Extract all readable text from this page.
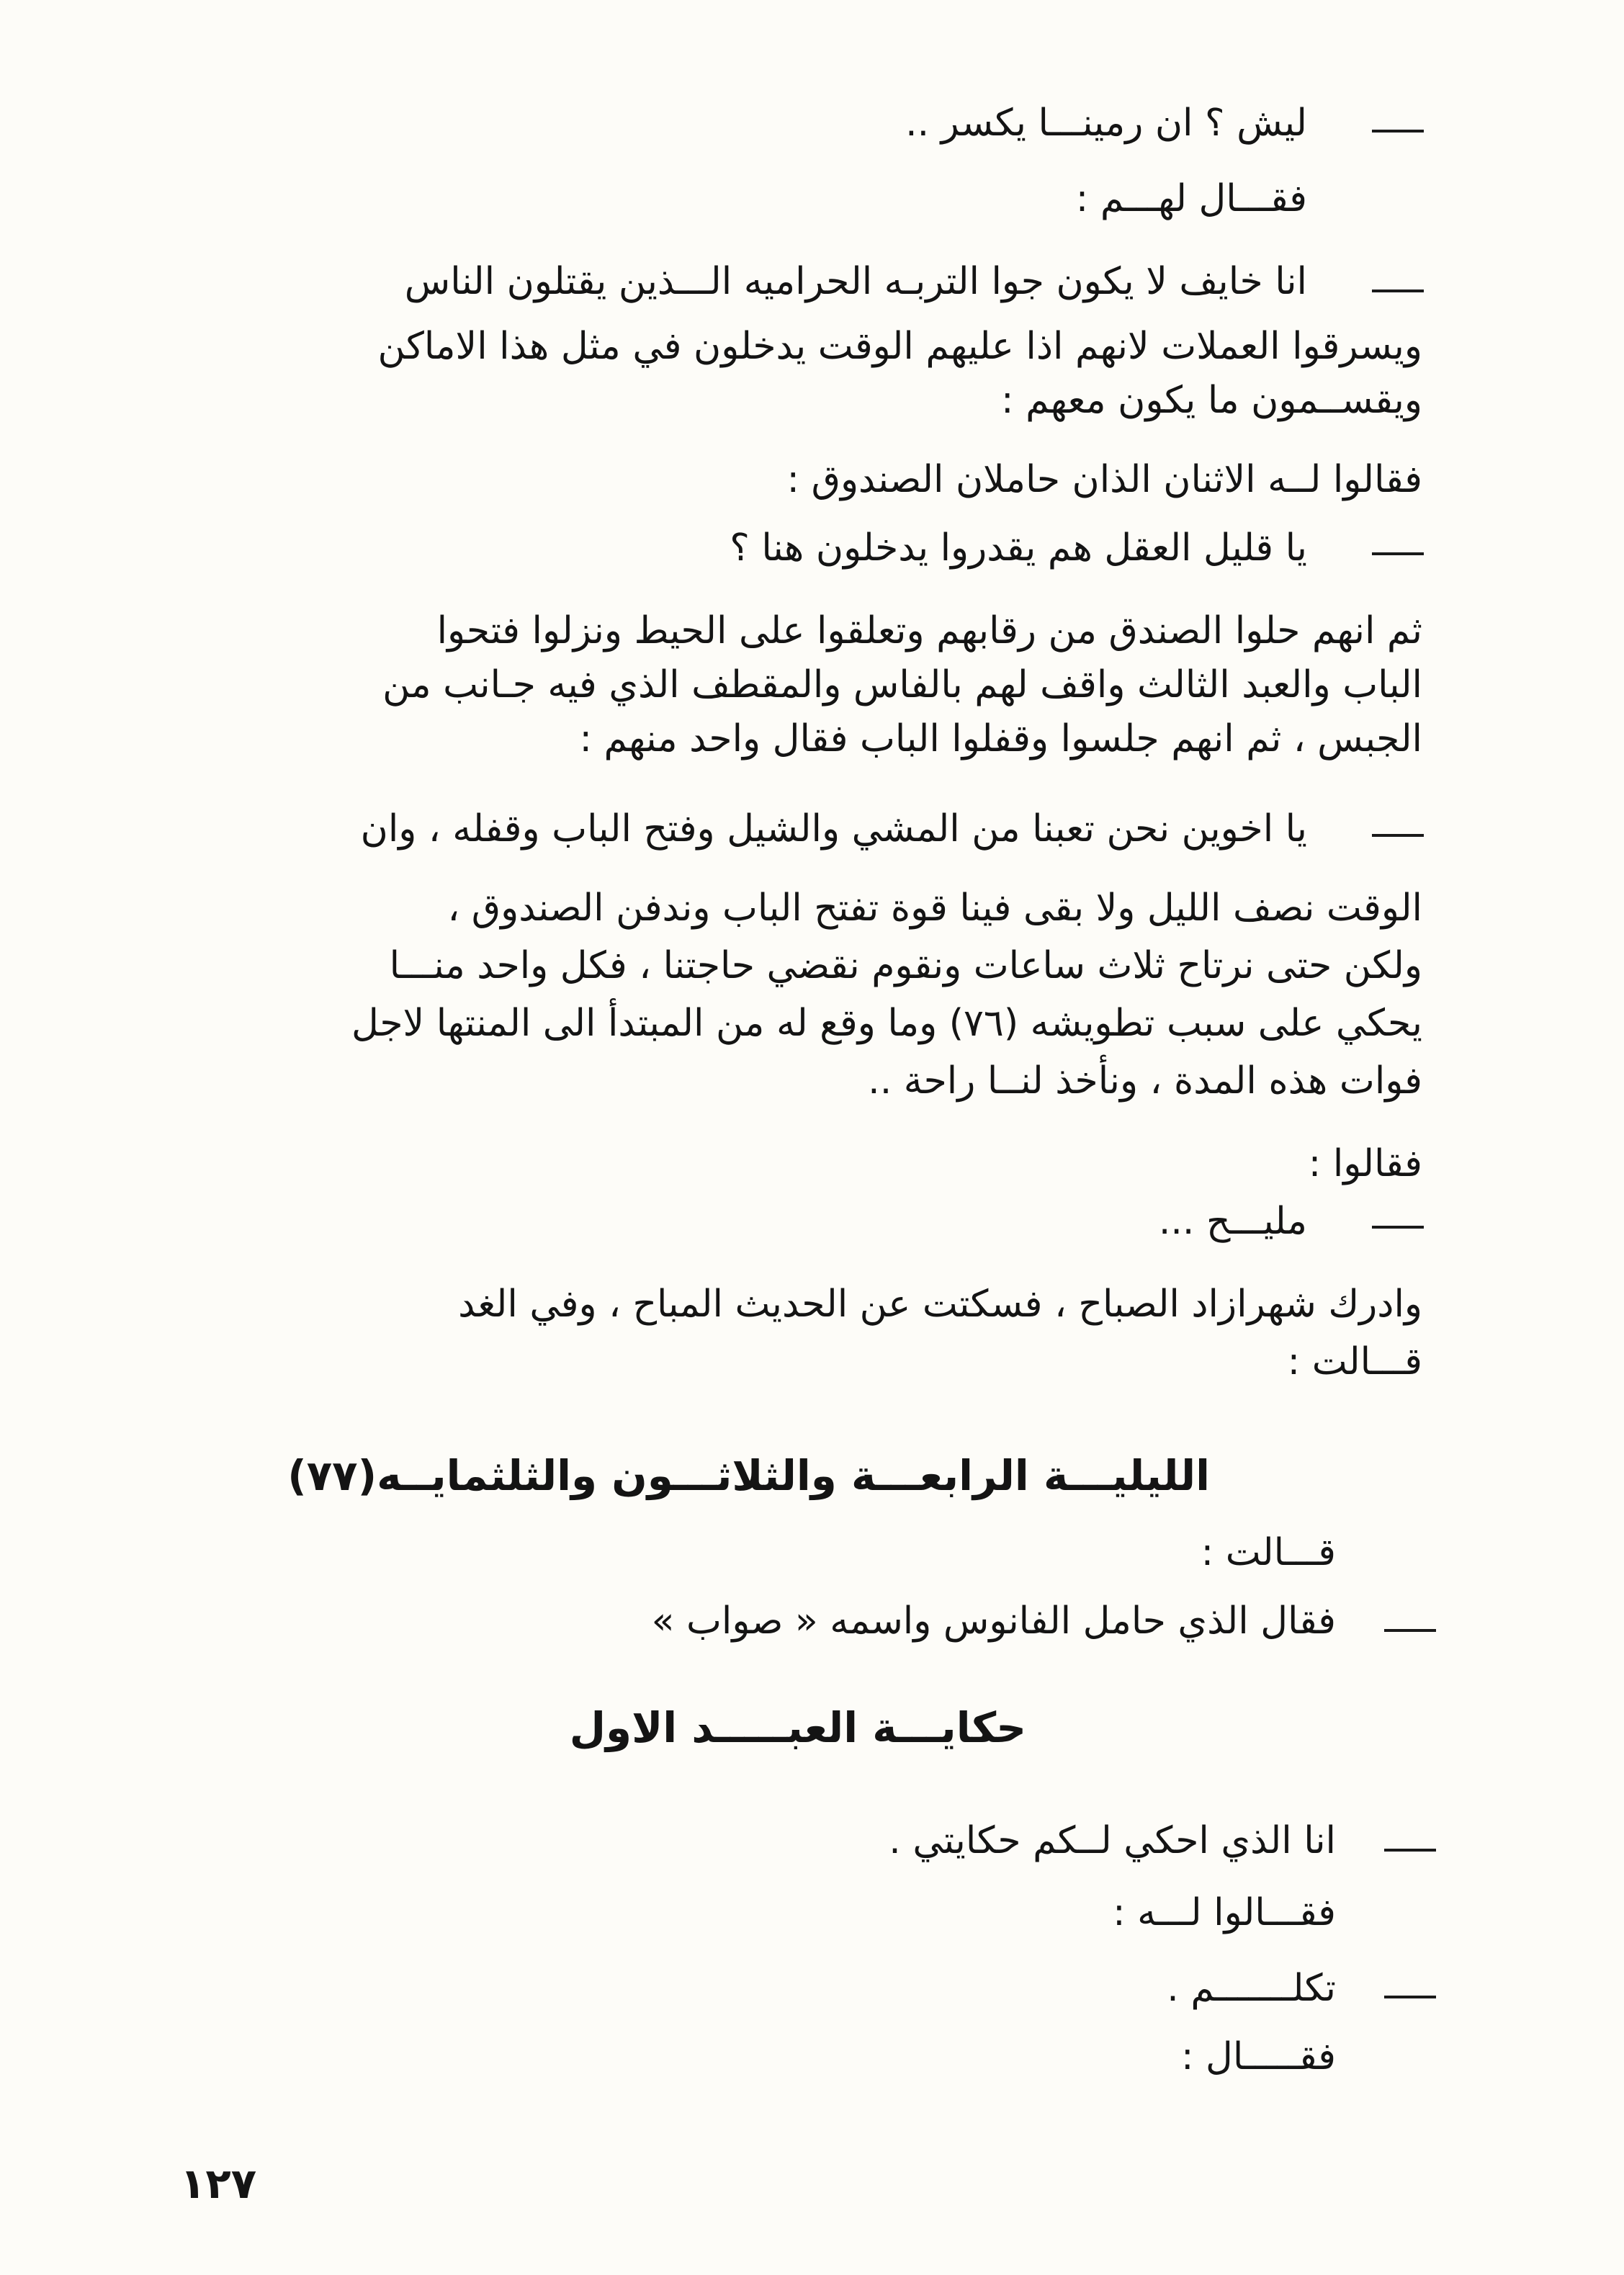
ليش ؟ ان رمينـــا يكسر ..
فقـــال لهـــم :
انا خايف لا يكون جوا التربـه الحراميه الـــذين يقتلون الناس
ويسرقوا العملات لانهم اذا عليهم الوقت يدخلون في مثل هذا الاماكن
ويقســمون ما يكون معهم :
فقالوا لــه الاثنان الذان حاملان الصندوق :
يا قليل العقل هم يقدروا يدخلون هنا ؟
ثم انهم حلوا الصندق من رقابهم وتعلقوا على الحيط ونزلوا فتحوا
الباب والعبد الثالث واقف لهم بالفاس والمقطف الذي فيه جـانب من
الجبس ، ثم انهم جلسوا وقفلوا الباب فقال واحد منهم :
يا اخوين نحن تعبنا من المشي والشيل وفتح الباب وقفله ، وان
الوقت نصف الليل ولا بقى فينا قوة تفتح الباب وندفن الصندوق ،
ولكن حتى نرتاح ثلاث ساعات ونقوم نقضي حاجتنا ، فكل واحد منـــا
يحكي على سبب تطويشه (٧٦) وما وقع له من المبتدأ الى المنتها لاجل
فوات هذه المدة ، ونأخذ لنــا راحة ..
فقالوا :
مليـــح ...
وادرك شهرازاد الصباح ، فسكتت عن الحديث المباح ، وفي الغد
قـــالت :
الليليـــة الرابعـــة والثلاثـــون والثلثمايــه(٧٧)
قـــالت :
فقال الذي حامل الفانوس واسمه « صواب »
حكايـــة العبـــــد الاول
انا الذي احكي لــكم حكايتي .
فقـــالوا لـــه :
تكلـــــــم .
فقـــــال :
١٢٧
